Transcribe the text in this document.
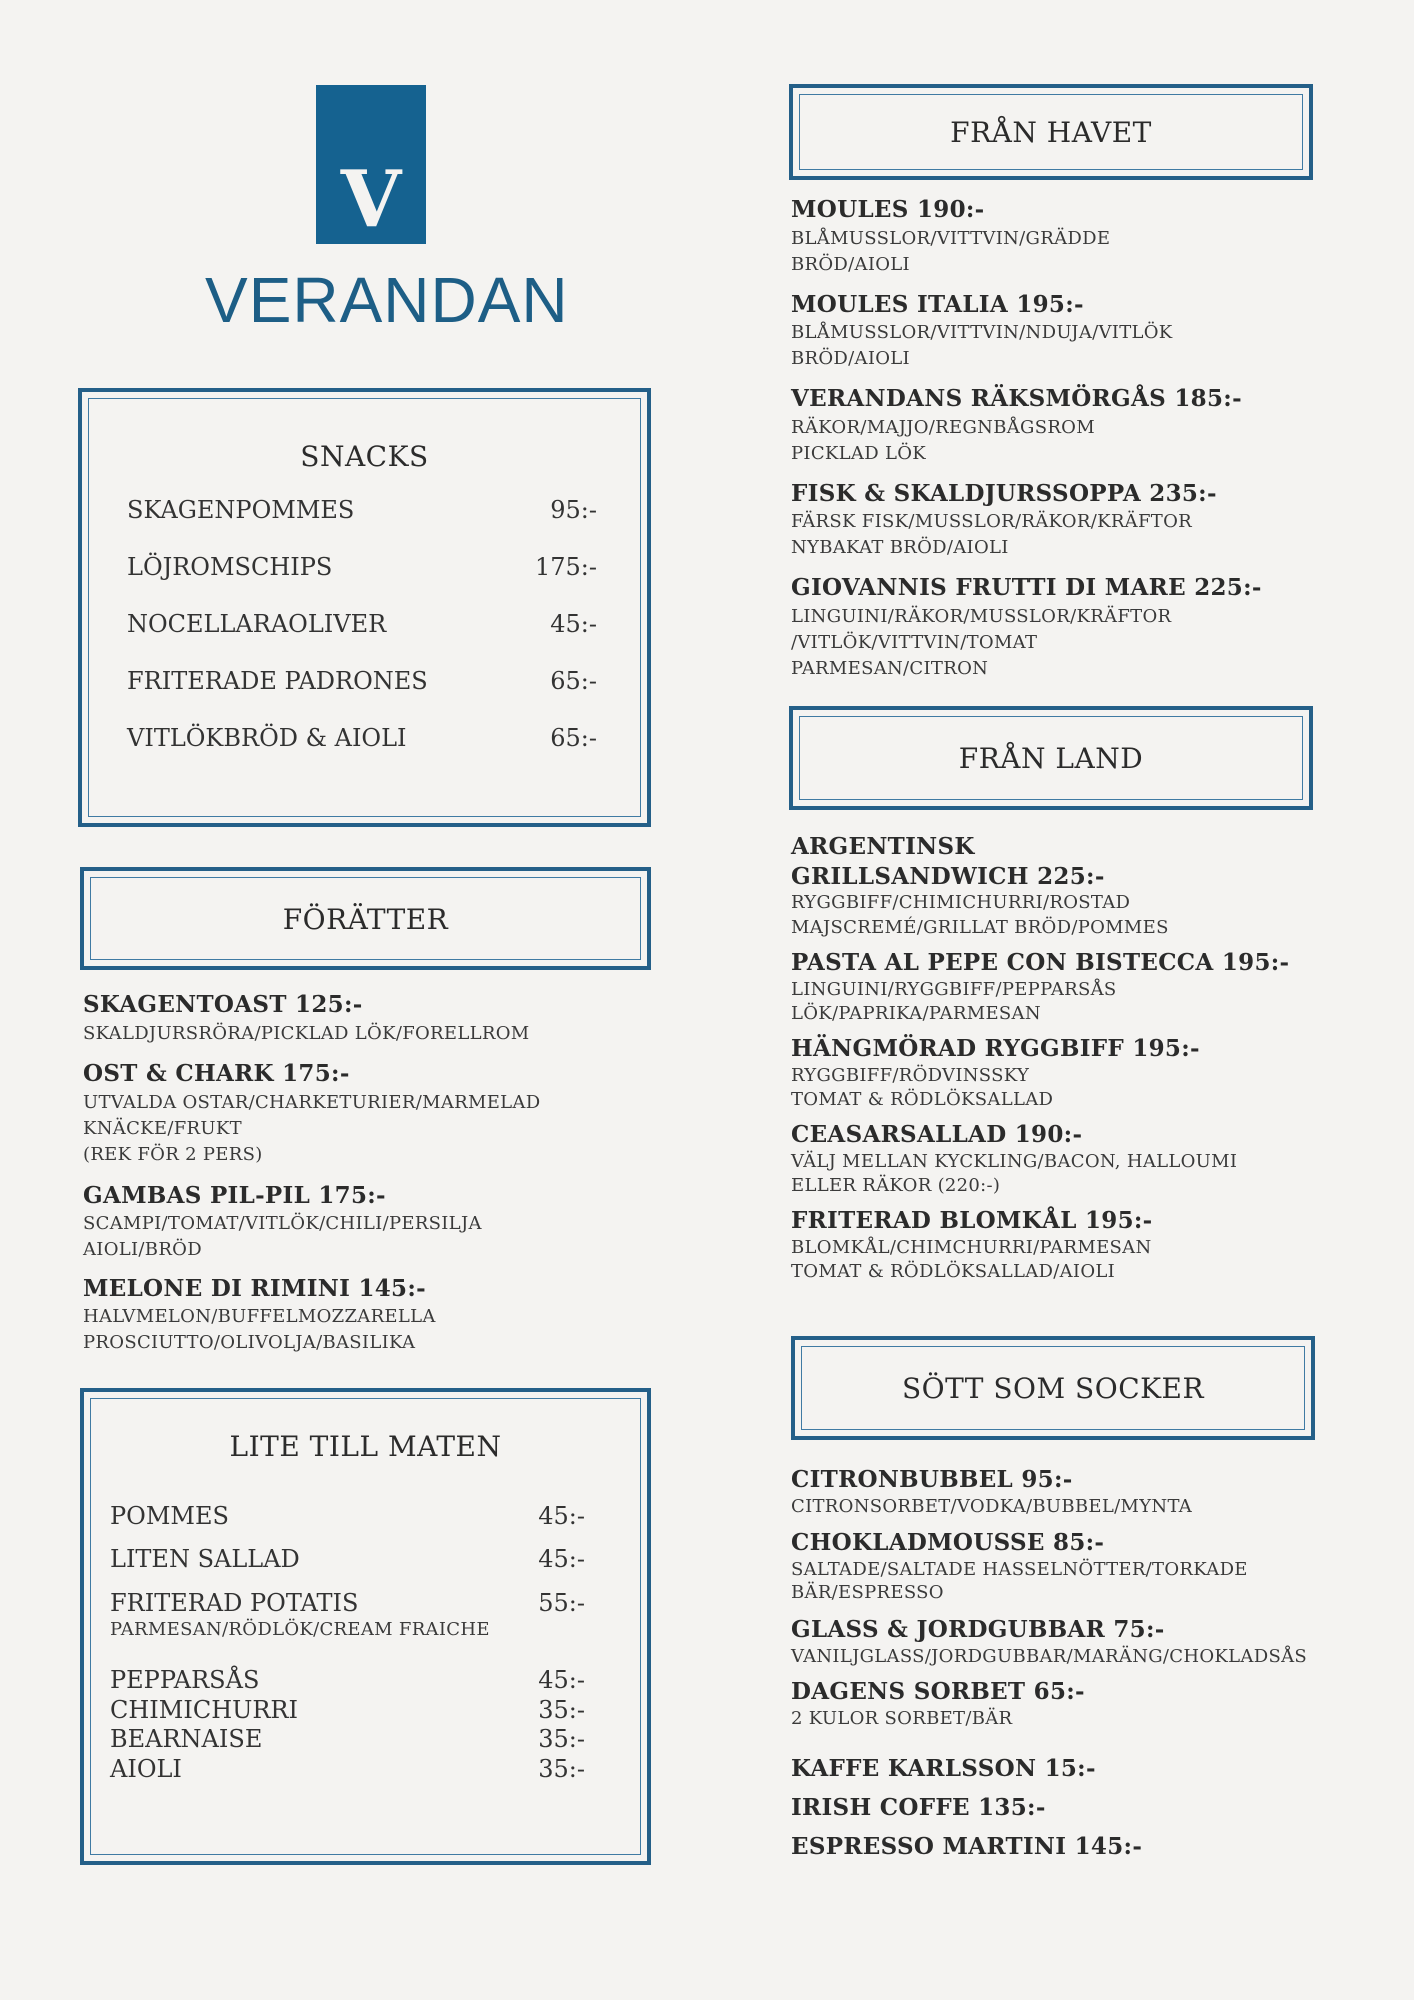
V
VERANDAN
SNACKS
SKAGENPOMMES	95:-
LÖJROMSCHIPS	175:-
NOCELLARAOLIVER	45:-
FRITERADE PADRONES	65:-
VITLÖKBRÖD & AIOLI	65:-
FÖRÄTTER
SKAGENTOAST 125:-
SKALDJURSRÖRA/PICKLAD LÖK/FORELLROM
OST & CHARK 175:-
UTVALDA OSTAR/CHARKETURIER/MARMELAD
KNÄCKE/FRUKT
(REK FÖR 2 PERS)
GAMBAS PIL-PIL 175:-
SCAMPI/TOMAT/VITLÖK/CHILI/PERSILJA
AIOLI/BRÖD
MELONE DI RIMINI 145:-
HALVMELON/BUFFELMOZZARELLA
PROSCIUTTO/OLIVOLJA/BASILIKA
LITE TILL MATEN
POMMES	45:-
LITEN SALLAD	45:-
FRITERAD POTATIS	55:-
PARMESAN/RÖDLÖK/CREAM FRAICHE
PEPPARSÅS	45:-
CHIMICHURRI	35:-
BEARNAISE	35:-
AIOLI	35:-
FRÅN HAVET
MOULES 190:-
BLÅMUSSLOR/VITTVIN/GRÄDDE
BRÖD/AIOLI
MOULES ITALIA 195:-
BLÅMUSSLOR/VITTVIN/NDUJA/VITLÖK
BRÖD/AIOLI
VERANDANS RÄKSMÖRGÅS 185:-
RÄKOR/MAJJO/REGNBÅGSROM
PICKLAD LÖK
FISK & SKALDJURSSOPPA 235:-
FÄRSK FISK/MUSSLOR/RÄKOR/KRÄFTOR
NYBAKAT BRÖD/AIOLI
GIOVANNIS FRUTTI DI MARE 225:-
LINGUINI/RÄKOR/MUSSLOR/KRÄFTOR
/VITLÖK/VITTVIN/TOMAT
PARMESAN/CITRON
FRÅN LAND
ARGENTINSK
GRILLSANDWICH 225:-
RYGGBIFF/CHIMICHURRI/ROSTAD
MAJSCREMÉ/GRILLAT BRÖD/POMMES
PASTA AL PEPE CON BISTECCA 195:-
LINGUINI/RYGGBIFF/PEPPARSÅS
LÖK/PAPRIKA/PARMESAN
HÄNGMÖRAD RYGGBIFF 195:-
RYGGBIFF/RÖDVINSSKY
TOMAT & RÖDLÖKSALLAD
CEASARSALLAD 190:-
VÄLJ MELLAN KYCKLING/BACON, HALLOUMI
ELLER RÄKOR (220:-)
FRITERAD BLOMKÅL 195:-
BLOMKÅL/CHIMCHURRI/PARMESAN
TOMAT & RÖDLÖKSALLAD/AIOLI
SÖTT SOM SOCKER
CITRONBUBBEL 95:-
CITRONSORBET/VODKA/BUBBEL/MYNTA
CHOKLADMOUSSE 85:-
SALTADE/SALTADE HASSELNÖTTER/TORKADE
BÄR/ESPRESSO
GLASS & JORDGUBBAR 75:-
VANILJGLASS/JORDGUBBAR/MARÄNG/CHOKLADSÅS
DAGENS SORBET 65:-
2 KULOR SORBET/BÄR
KAFFE KARLSSON 15:-
IRISH COFFE 135:-
ESPRESSO MARTINI 145:-
